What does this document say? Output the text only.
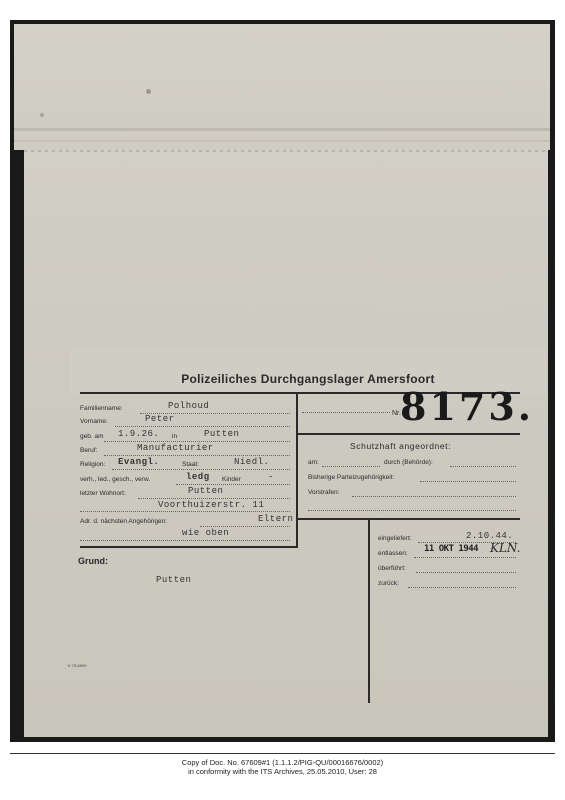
Polizeiliches Durchgangslager Amersfoort
Nr. 8173.
Familienname:	Polhoud
Vorname:	Peter
geb. am 1.9.26. in	Putten
Beruf:	Manufacturier
Religion: Evangl.	Staat:	Niedl.
verh., led., gesch., verw.	ledg Kinder	-
letzter Wohnort:	Putten
Voorthuizerstr. 11
Adr. d. nächsten Angehörigen:	Eltern
wie oben
Schutzhaft angeordnet:
am:	durch (Behörde):
Bisherige Parteizugehörigkeit:
Vorstrafen:
eingeliefert:	2.10.44.
entlassen: 11 OKT 1944 KLN.
überführt:
zurück:
Grund:
Putten
K 75-6999
Copy of Doc. No. 67609#1 (1.1.1.2/PIG-QU/00016676/0002)
in conformity with the ITS Archives, 25.05.2010, User: 28
